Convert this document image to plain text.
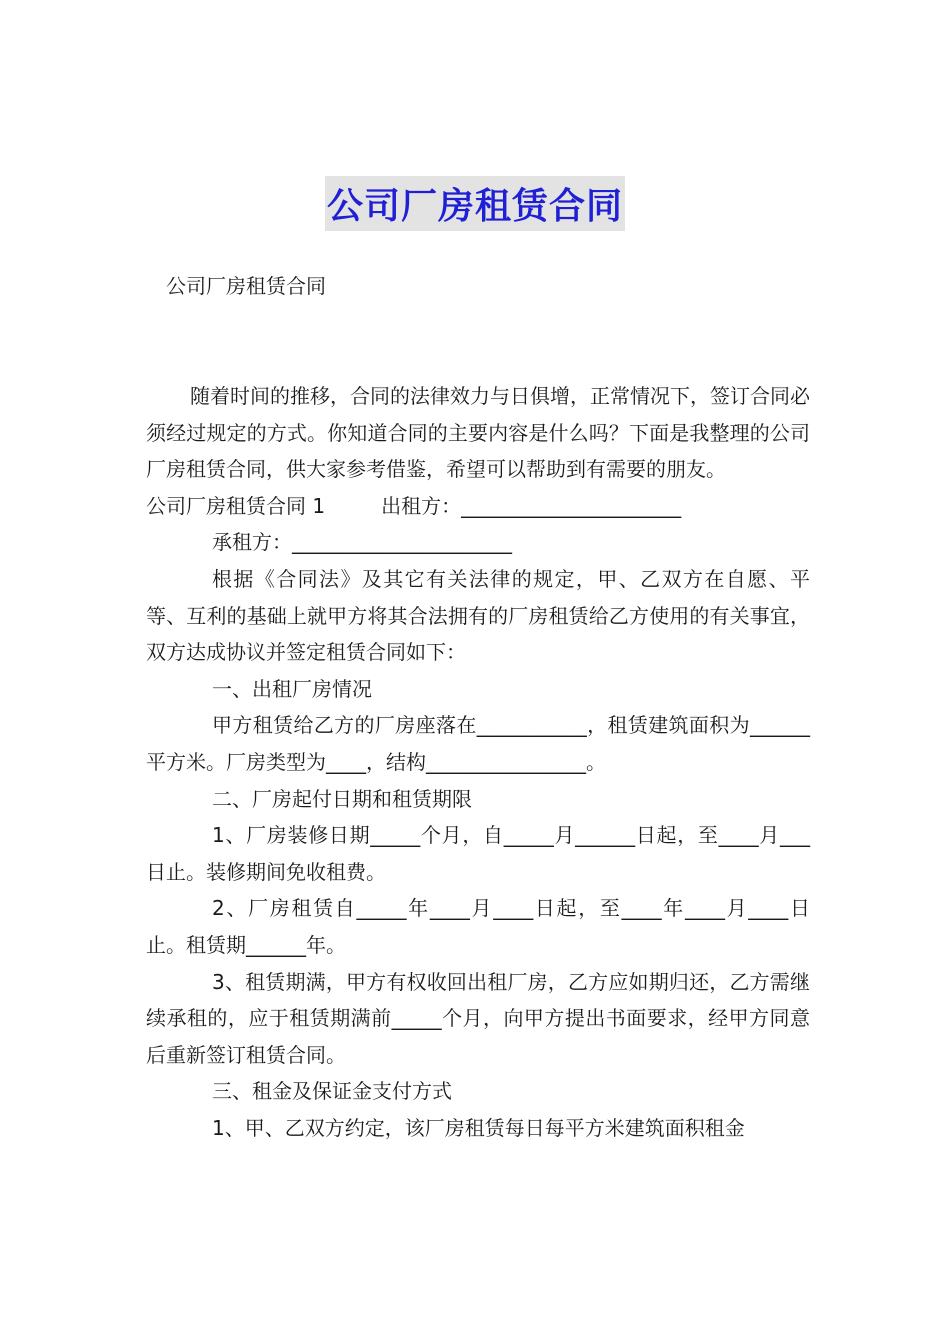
公司厂房租赁合同
公司厂房租赁合同

随着时间的推移，合同的法律效力与日俱增，正常情况下，签订合同必须经过规定的方式。你知道合同的主要内容是什么吗？下面是我整理的公司厂房租赁合同，供大家参考借鉴，希望可以帮助到有需要的朋友。

公司厂房租赁合同 1	出租方：______________________

承租方：______________________

根据《合同法》及其它有关法律的规定，甲、乙双方在自愿、平等、互利的基础上就甲方将其合法拥有的厂房租赁给乙方使用的有关事宜，双方达成协议并签定租赁合同如下：

一、出租厂房情况

甲方租赁给乙方的厂房座落在___________，租赁建筑面积为______平方米。厂房类型为____，结构________________。

二、厂房起付日期和租赁期限

1、厂房装修日期_____个月，自_____月______日起，至____月___日止。装修期间免收租费。

2、厂房租赁自_____年____月____日起，至____年____月____日止。租赁期______年。

3、租赁期满，甲方有权收回出租厂房，乙方应如期归还，乙方需继续承租的，应于租赁期满前_____个月，向甲方提出书面要求，经甲方同意后重新签订租赁合同。

三、租金及保证金支付方式

1、甲、乙双方约定，该厂房租赁每日每平方米建筑面积租金
